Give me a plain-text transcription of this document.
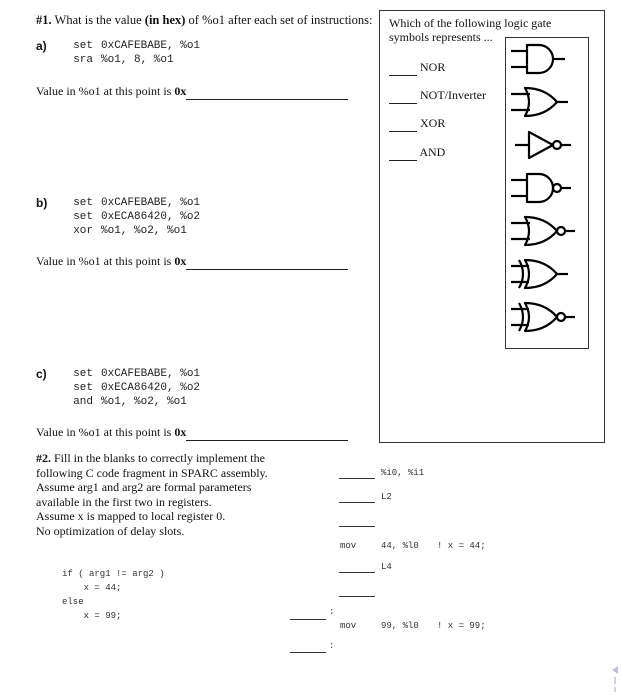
#1. What is the value (in hex) of %o1 after each set of instructions:
a)	set 0xCAFEBABE, %o1
sra %o1, 8, %o1
Value in %o1 at this point is 0x
b)	set 0xCAFEBABE, %o1
set 0xECA86420, %o2
xor %o1, %o2, %o1
Value in %o1 at this point is 0x
c)	set 0xCAFEBABE, %o1
set 0xECA86420, %o2
and %o1, %o2, %o1
Value in %o1 at this point is 0x
Which of the following logic gate
symbols represents ...
NOR
NOT/Inverter
XOR
AND
#2. Fill in the blanks to correctly implement the
following C code fragment in SPARC assembly.
Assume arg1 and arg2 are formal parameters
available in the first two in registers.
Assume x is mapped to local register 0.
No optimization of delay slots.
if ( arg1 != arg2 )
x = 44;
else
x = 99;
%i0, %i1
L2
mov	44, %l0 ! x = 44;
L4
:
mov	99, %l0 ! x = 99;
:
